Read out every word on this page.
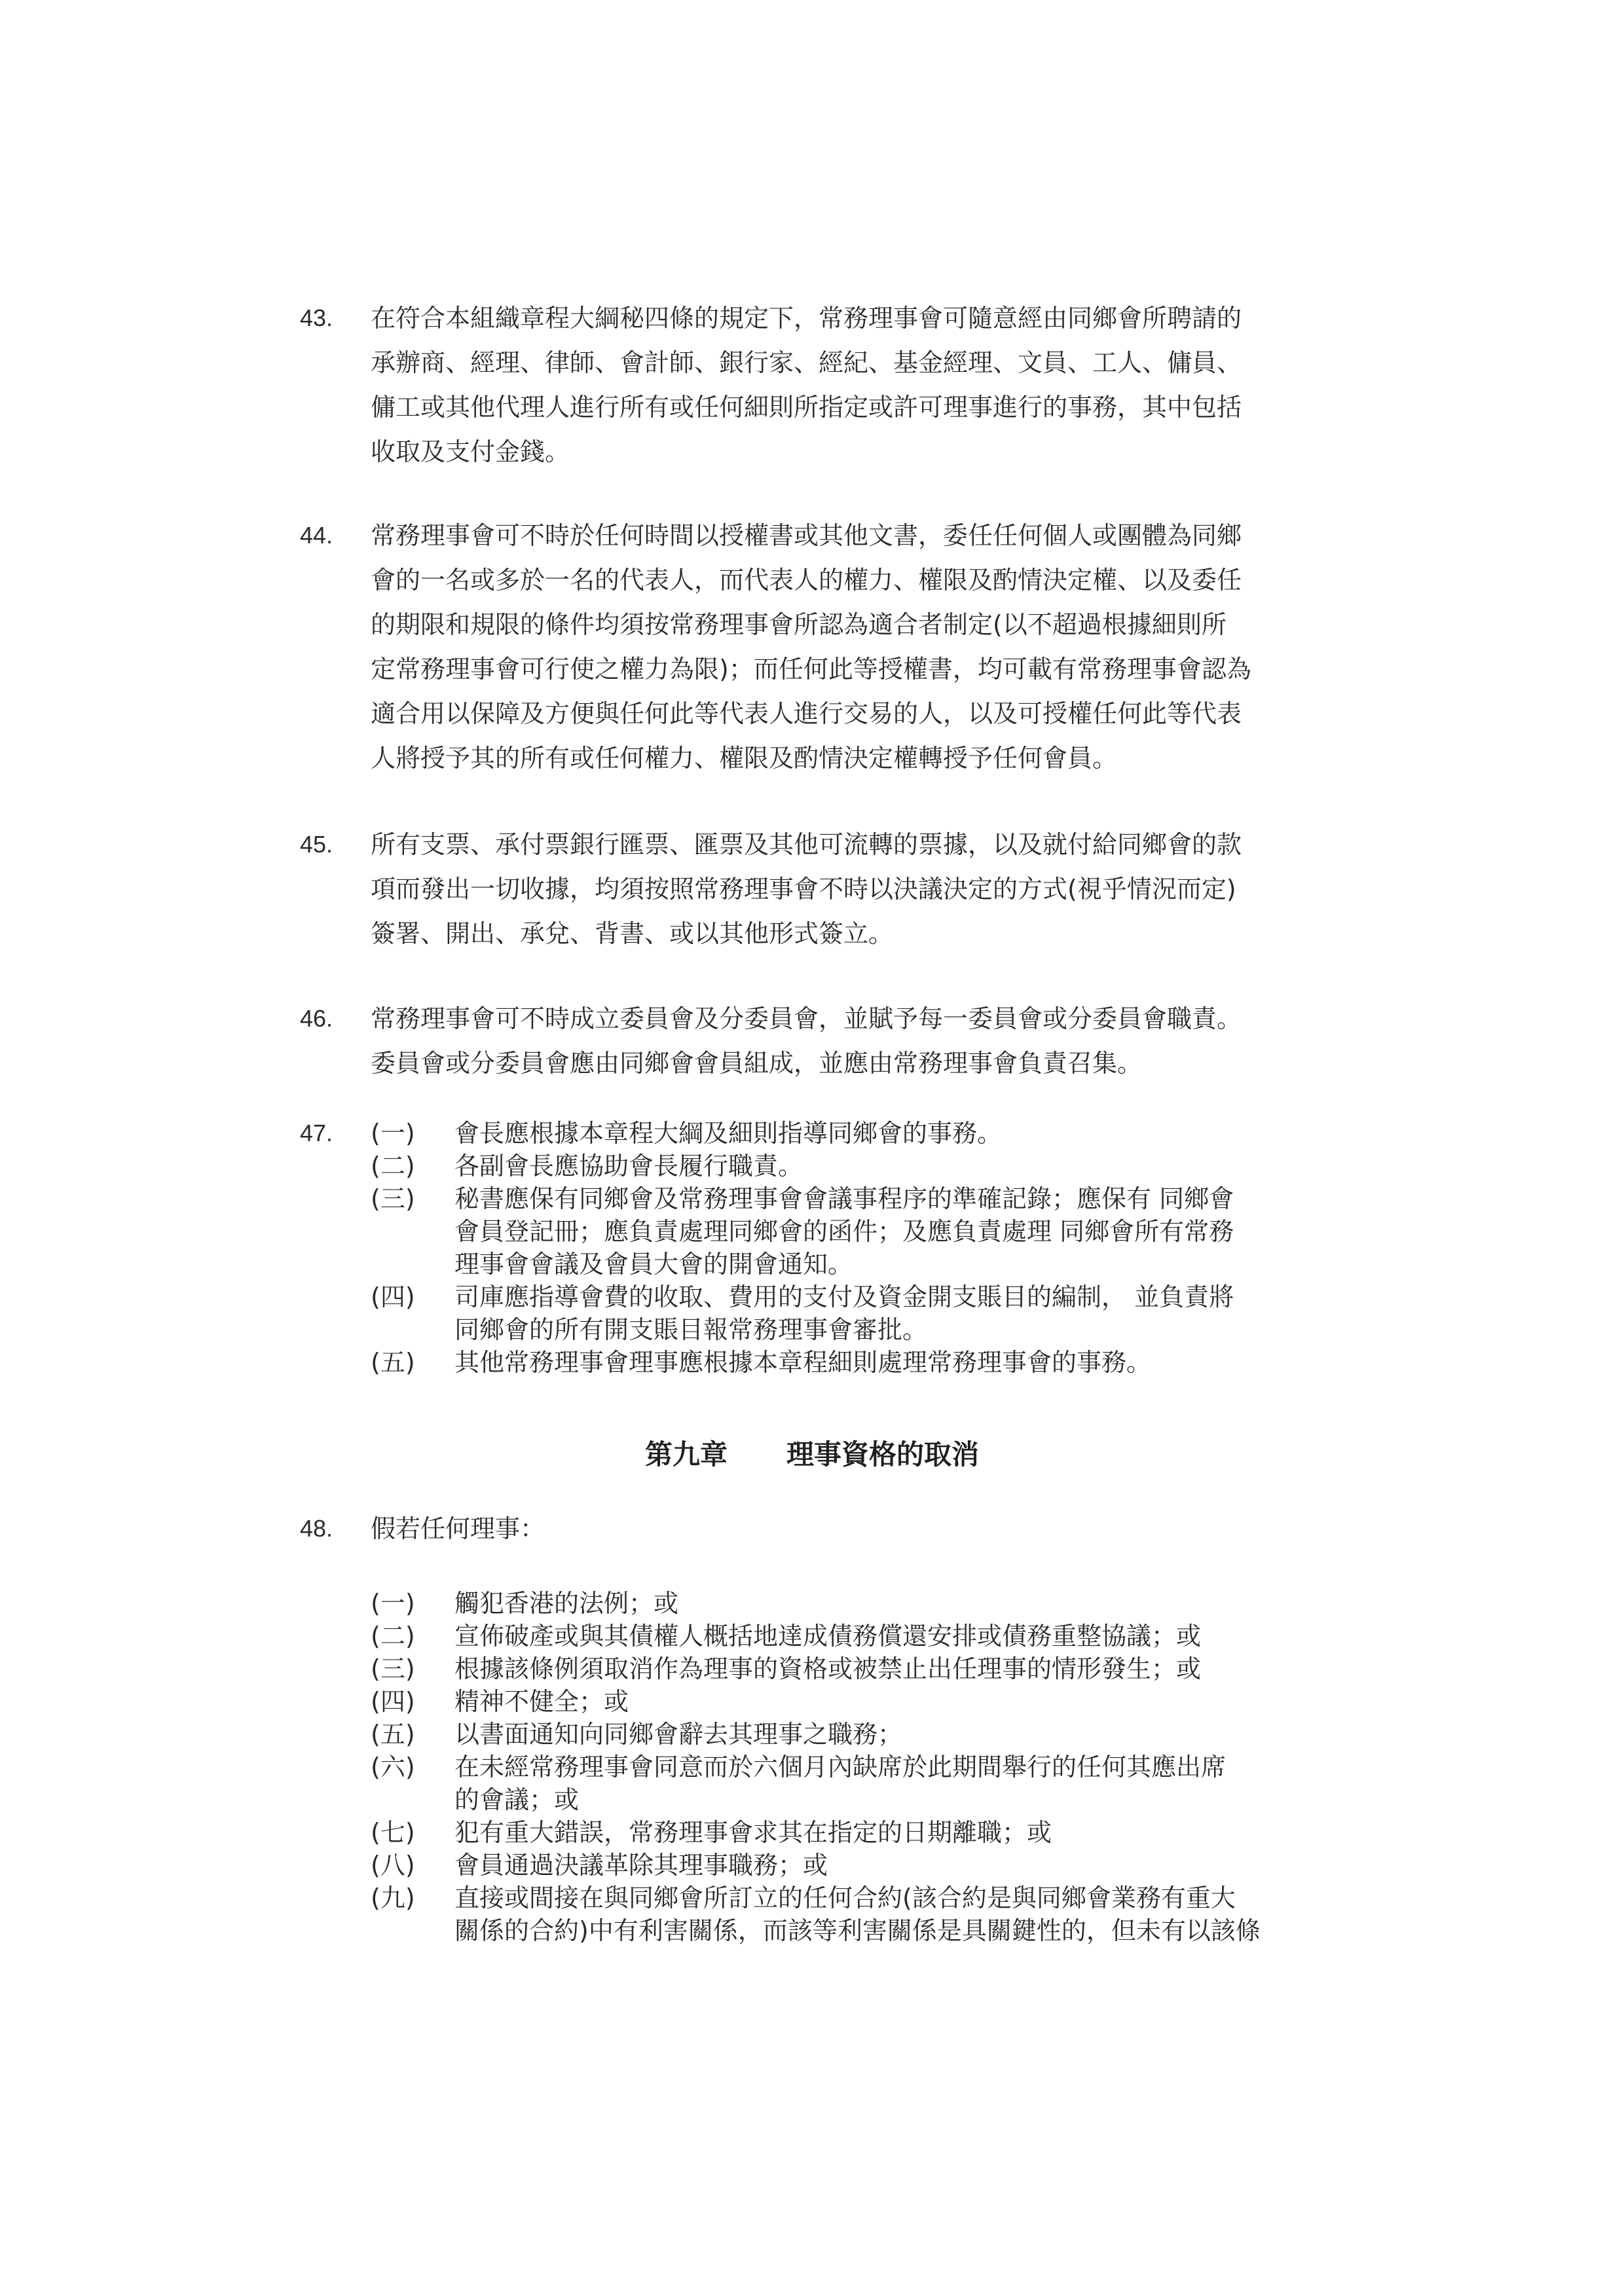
43.	在符合本組織章程大綱秘四條的規定下，常務理事會可隨意經由同鄉會所聘請的
承辦商、經理、律師、會計師、銀行家、經紀、基金經理、文員、工人、傭員、
傭工或其他代理人進行所有或任何細則所指定或許可理事進行的事務，其中包括
收取及支付金錢。
44.	常務理事會可不時於任何時間以授權書或其他文書，委任任何個人或團體為同鄉
會的一名或多於一名的代表人，而代表人的權力、權限及酌情決定權、以及委任
的期限和規限的條件均須按常務理事會所認為適合者制定(以不超過根據細則所
定常務理事會可行使之權力為限)；而任何此等授權書，均可載有常務理事會認為
適合用以保障及方便與任何此等代表人進行交易的人，以及可授權任何此等代表
人將授予其的所有或任何權力、權限及酌情決定權轉授予任何會員。
45.	所有支票、承付票銀行匯票、匯票及其他可流轉的票據，以及就付給同鄉會的款
項而發出一切收據，均須按照常務理事會不時以決議決定的方式(視乎情況而定)
簽署、開出、承兌、背書、或以其他形式簽立。
46.	常務理事會可不時成立委員會及分委員會，並賦予每一委員會或分委員會職責。
委員會或分委員會應由同鄉會會員組成，並應由常務理事會負責召集。
47. (一)	會長應根據本章程大綱及細則指導同鄉會的事務。
(二)	各副會長應協助會長履行職責。
(三)	秘書應保有同鄉會及常務理事會會議事程序的準確記錄；應保有 同鄉會
會員登記冊；應負責處理同鄉會的函件；及應負責處理 同鄉會所有常務
理事會會議及會員大會的開會通知。
(四)	司庫應指導會費的收取、費用的支付及資金開支賬目的編制， 並負責將
同鄉會的所有開支賬目報常務理事會審批。
(五)	其他常務理事會理事應根據本章程細則處理常務理事會的事務。
第九章 理事資格的取消
48. 假若任何理事：
(一)	觸犯香港的法例；或
(二)	宣佈破產或與其債權人概括地達成債務償還安排或債務重整協議；或
(三)	根據該條例須取消作為理事的資格或被禁止出任理事的情形發生；或
(四)	精神不健全；或
(五)	以書面通知向同鄉會辭去其理事之職務；
(六)	在未經常務理事會同意而於六個月內缺席於此期間舉行的任何其應出席
的會議；或
(七)	犯有重大錯誤，常務理事會求其在指定的日期離職；或
(八)	會員通過決議革除其理事職務；或
(九)	直接或間接在與同鄉會所訂立的任何合約(該合約是與同鄉會業務有重大
關係的合約)中有利害關係，而該等利害關係是具關鍵性的，但未有以該條
